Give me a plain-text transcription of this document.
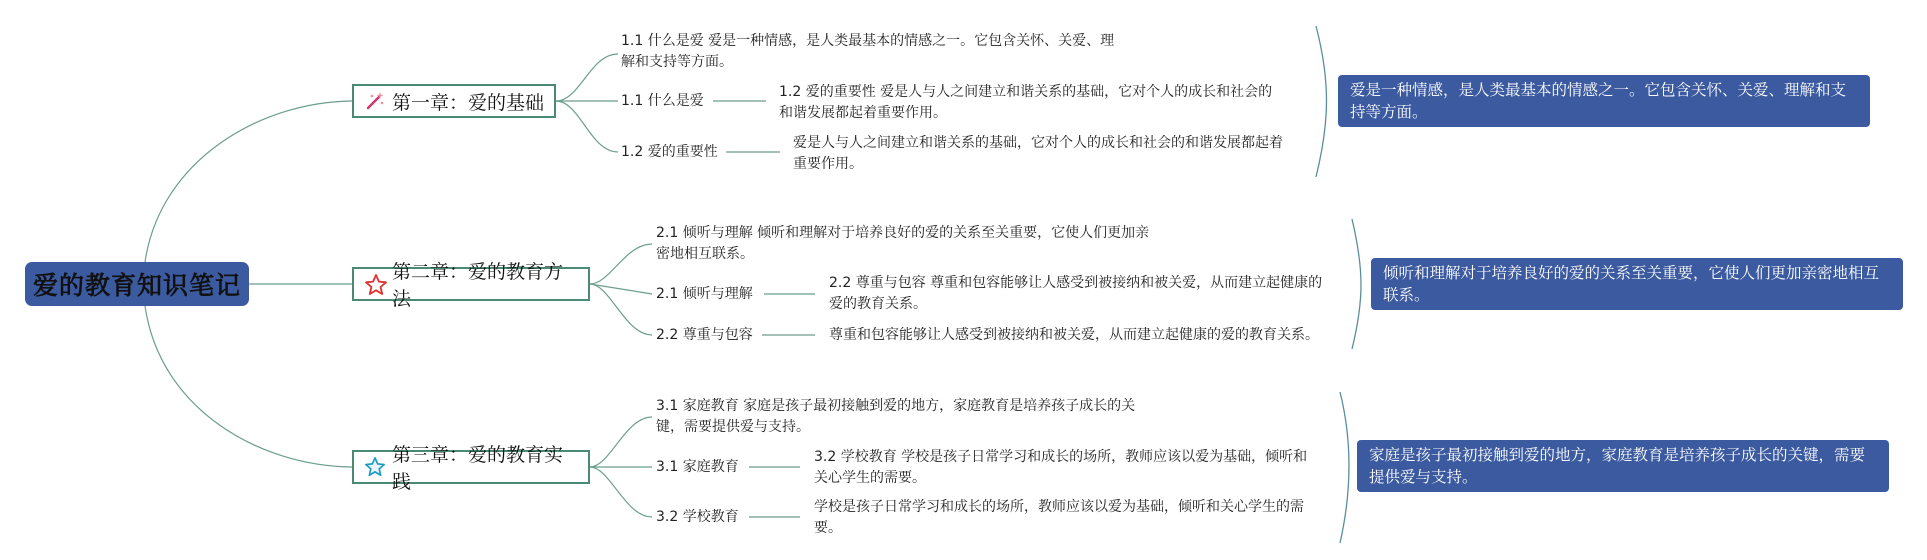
爱的教育知识笔记
第一章：爱的基础
1.1 什么是爱 爱是一种情感，是人类最基本的情感之一。它包含关怀、关爱、理解和支持等方面。
1.1 什么是爱
1.2 爱的重要性 爱是人与人之间建立和谐关系的基础，它对个人的成长和社会的和谐发展都起着重要作用。
1.2 爱的重要性
爱是人与人之间建立和谐关系的基础，它对个人的成长和社会的和谐发展都起着重要作用。
爱是一种情感，是人类最基本的情感之一。它包含关怀、关爱、理解和支持等方面。
第二章：爱的教育方法
2.1 倾听与理解 倾听和理解对于培养良好的爱的关系至关重要，它使人们更加亲密地相互联系。
2.1 倾听与理解
2.2 尊重与包容 尊重和包容能够让人感受到被接纳和被关爱，从而建立起健康的爱的教育关系。
2.2 尊重与包容	尊重和包容能够让人感受到被接纳和被关爱，从而建立起健康的爱的教育关系。
倾听和理解对于培养良好的爱的关系至关重要，它使人们更加亲密地相互联系。
第三章：爱的教育实践
3.1 家庭教育 家庭是孩子最初接触到爱的地方，家庭教育是培养孩子成长的关键，需要提供爱与支持。
3.1 家庭教育
3.2 学校教育 学校是孩子日常学习和成长的场所，教师应该以爱为基础，倾听和关心学生的需要。
3.2 学校教育
学校是孩子日常学习和成长的场所，教师应该以爱为基础，倾听和关心学生的需要。
家庭是孩子最初接触到爱的地方，家庭教育是培养孩子成长的关键，需要提供爱与支持。
